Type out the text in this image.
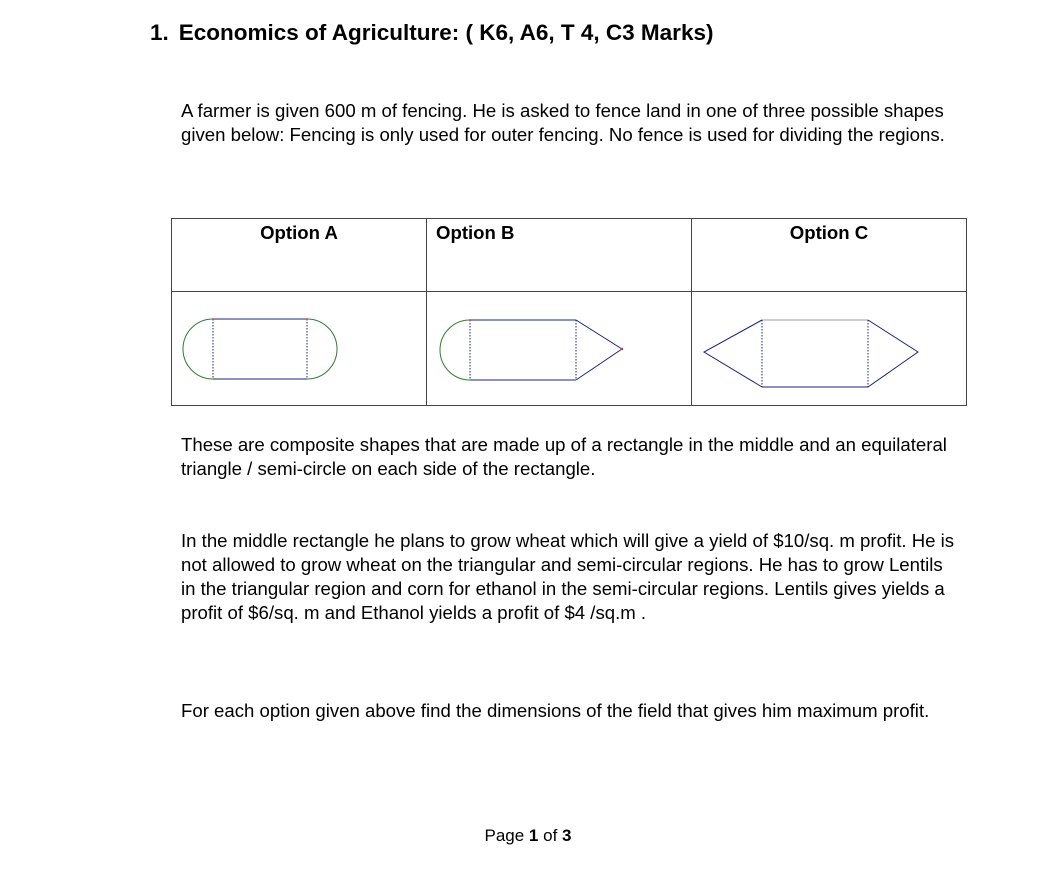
1. Economics of Agriculture: ( K6, A6, T 4, C3 Marks)
A farmer is given 600 m of fencing. He is asked to fence land in one of three possible shapes given below: Fencing is only used for outer fencing. No fence is used for dividing the regions.
Option A	Option B	Option C

These are composite shapes that are made up of a rectangle in the middle and an equilateral triangle / semi-circle on each side of the rectangle.
In the middle rectangle he plans to grow wheat which will give a yield of $10/sq. m profit. He is not allowed to grow wheat on the triangular and semi-circular regions. He has to grow Lentils in the triangular region and corn for ethanol in the semi-circular regions. Lentils gives yields a profit of $6/sq. m and Ethanol yields a profit of $4 /sq.m .
For each option given above find the dimensions of the field that gives him maximum profit.
Page 1 of 3
